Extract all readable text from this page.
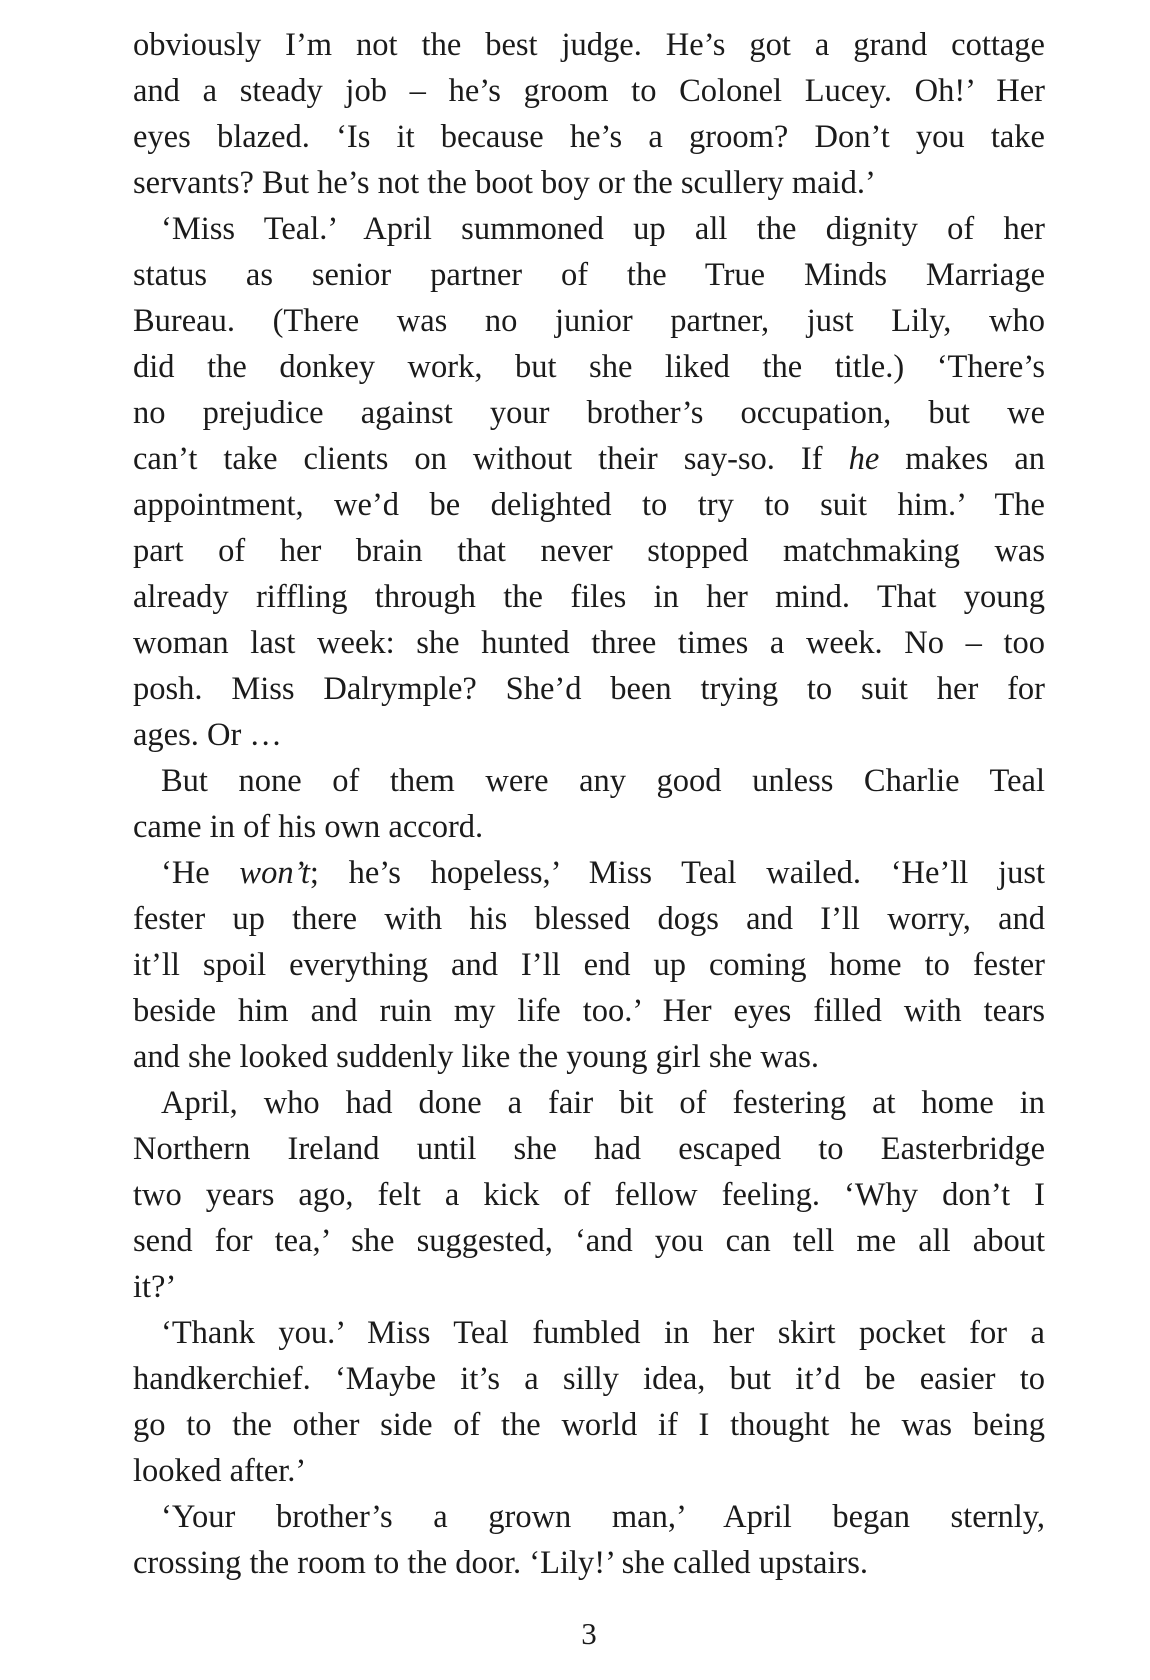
obviously I’m not the best judge. He’s got a grand cottage
and a steady job – he’s groom to Colonel Lucey. Oh!’ Her
eyes blazed. ‘Is it because he’s a groom? Don’t you take
servants? But he’s not the boot boy or the scullery maid.’
‘Miss Teal.’ April summoned up all the dignity of her
status as senior partner of the True Minds Marriage
Bureau. (There was no junior partner, just Lily, who
did the donkey work, but she liked the title.) ‘There’s
no prejudice against your brother’s occupation, but we
can’t take clients on without their say-so. If he makes an
appointment, we’d be delighted to try to suit him.’ The
part of her brain that never stopped matchmaking was
already riffling through the files in her mind. That young
woman last week: she hunted three times a week. No – too
posh. Miss Dalrymple? She’d been trying to suit her for
ages. Or …
But none of them were any good unless Charlie Teal
came in of his own accord.
‘He won’t; he’s hopeless,’ Miss Teal wailed. ‘He’ll just
fester up there with his blessed dogs and I’ll worry, and
it’ll spoil everything and I’ll end up coming home to fester
beside him and ruin my life too.’ Her eyes filled with tears
and she looked suddenly like the young girl she was.
April, who had done a fair bit of festering at home in
Northern Ireland until she had escaped to Easterbridge
two years ago, felt a kick of fellow feeling. ‘Why don’t I
send for tea,’ she suggested, ‘and you can tell me all about
it?’
‘Thank you.’ Miss Teal fumbled in her skirt pocket for a
handkerchief. ‘Maybe it’s a silly idea, but it’d be easier to
go to the other side of the world if I thought he was being
looked after.’
‘Your brother’s a grown man,’ April began sternly,
crossing the room to the door. ‘Lily!’ she called upstairs.
3
